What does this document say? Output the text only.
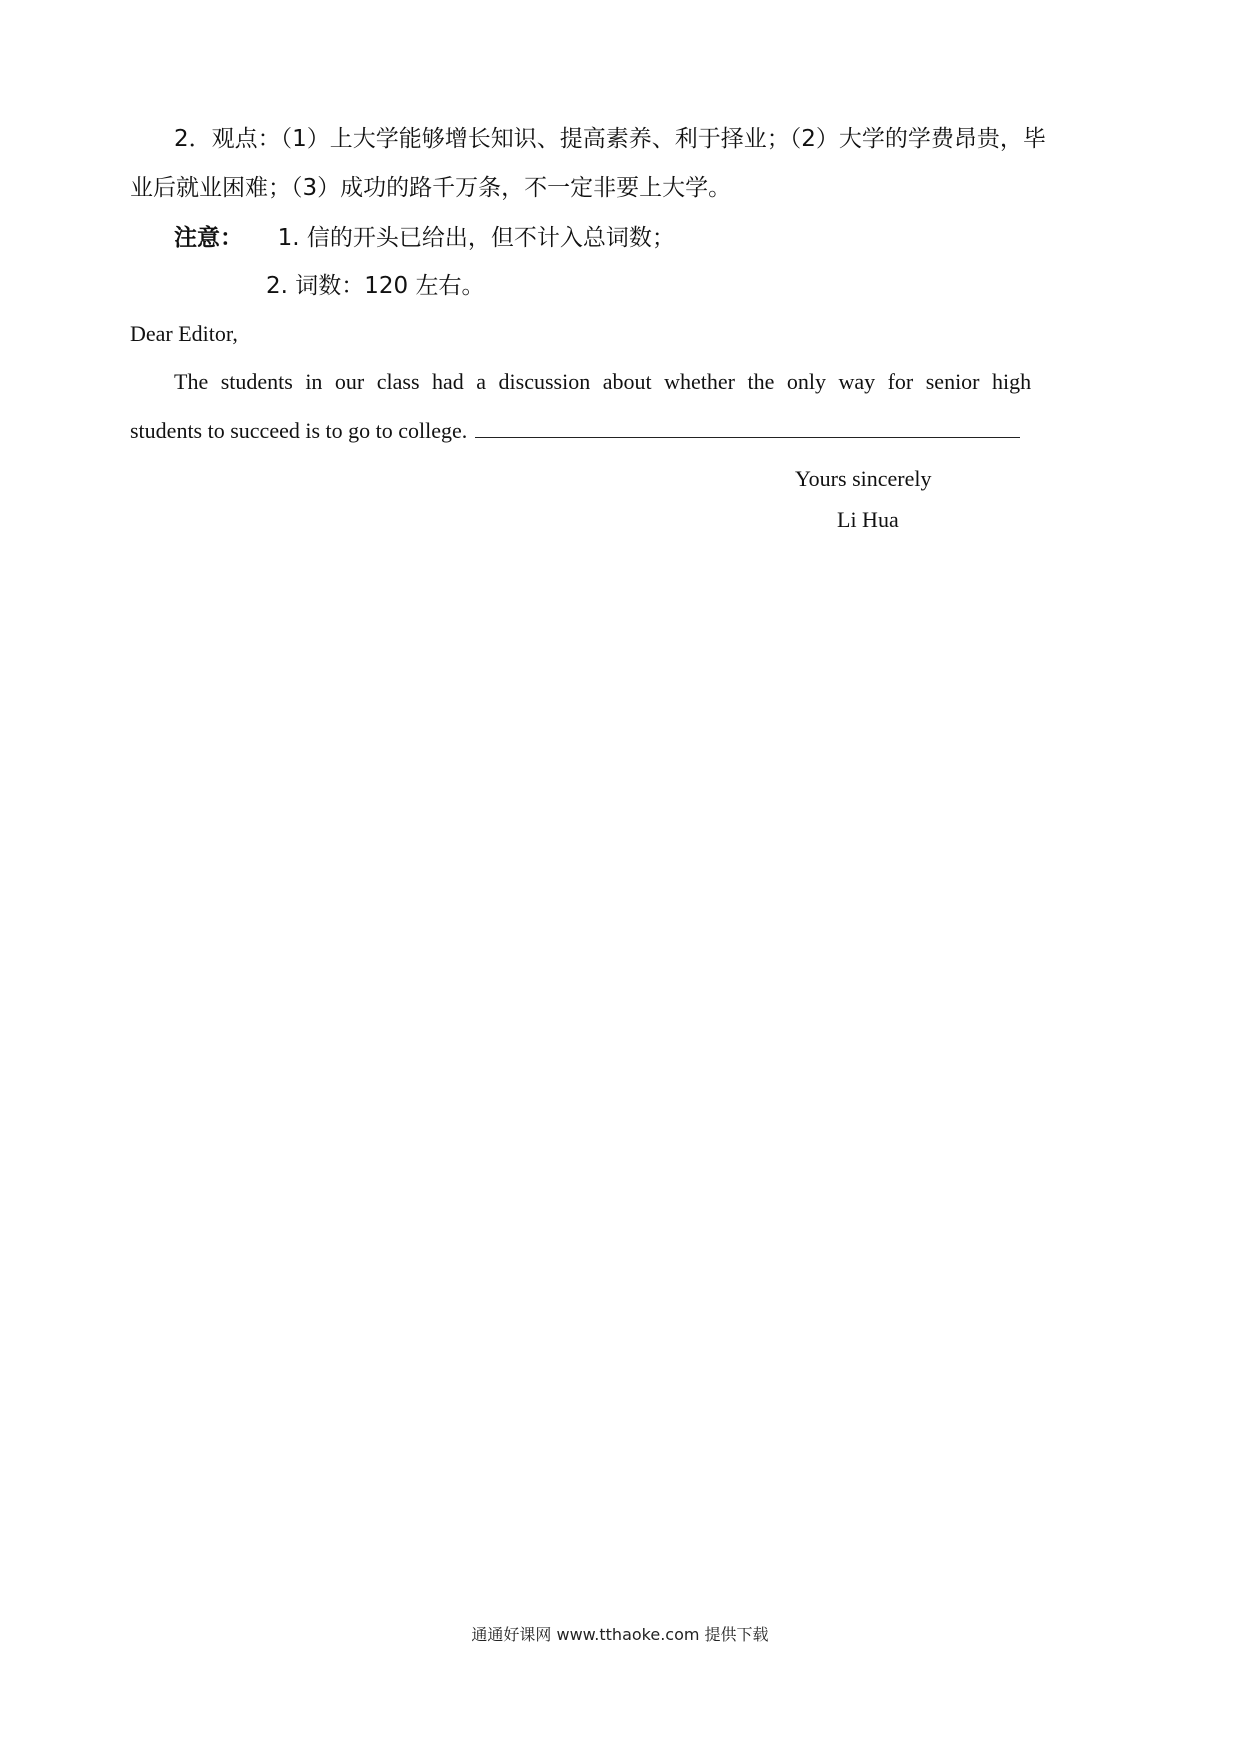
2．观点：（1）上大学能够增长知识、提高素养、利于择业；（2）大学的学费昂贵，毕
业后就业困难；（3）成功的路千万条，不一定非要上大学。
注意： 1. 信的开头已给出，但不计入总词数；
2. 词数：120 左右。
Dear Editor,
The students in our class had a discussion about whether the only way for senior high
students to succeed is to go to college.
Yours sincerely
Li Hua
通通好课网 www.tthaoke.com 提供下载
